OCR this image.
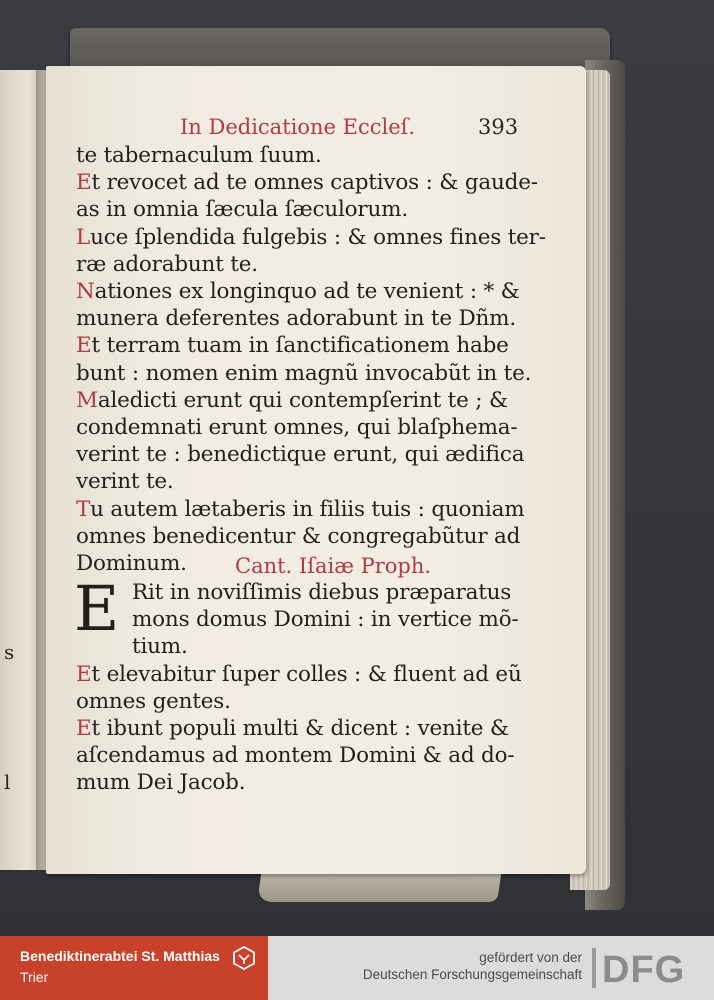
s
l
In Dedicatione Eccleſ.	393
te tabernaculum ſuum.
Et revocet ad te omnes captivos : & gaude-
as in omnia ſæcula ſæculorum.
Luce ſplendida fulgebis : & omnes fines ter-
ræ adorabunt te.
Nationes ex longinquo ad te venient : * &
munera deferentes adorabunt in te Dñm.
Et terram tuam in ſanctificationem habe
bunt : nomen enim magnũ invocabũt in te.
Maledicti erunt qui contempſerint te ; &
condemnati erunt omnes, qui blaſphema-
verint te : benedictique erunt, qui ædifica
verint te.
Tu autem lætaberis in filiis tuis : quoniam
omnes benedicentur & congregabũtur ad
Dominum.
Rit in noviſſimis diebus præparatus
mons domus Domini : in vertice mõ-
tium.
Et elevabitur ſuper colles : & fluent ad eũ
omnes gentes.
Et ibunt populi multi & dicent : venite &
aſcendamus ad montem Domini & ad do-
mum Dei Jacob.
Cant. Iſaiæ Proph.
E
Benediktinerabtei St. Matthias
Trier
gefördert von der
Deutschen Forschungsgemeinschaft DFG
